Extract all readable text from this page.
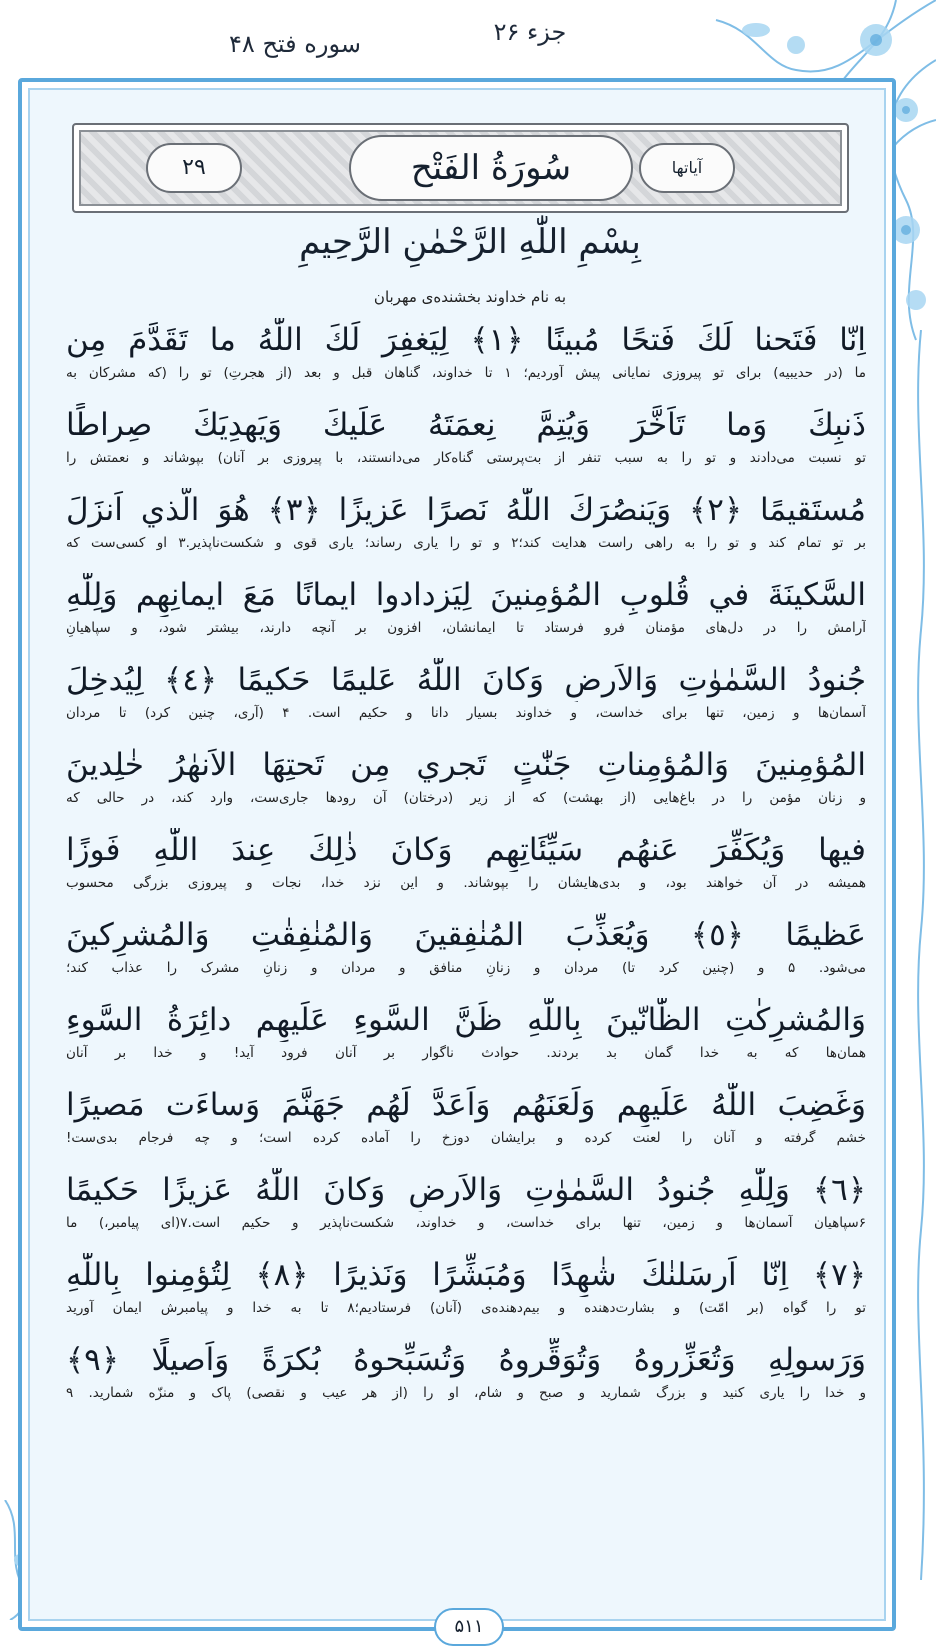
جزء ۲۶
سوره فتح ۴۸
۲۹	سُورَةُ الفَتْح	آیاتها
بِسْمِ اللّٰهِ الرَّحْمٰنِ الرَّحِيمِ
به نام خداوند بخشنده‌ی مهربان
اِنّا فَتَحنا لَكَ فَتحًا مُبينًا ﴿١﴾ لِيَغفِرَ لَكَ اللّٰهُ ما تَقَدَّمَ مِن
ما (در حدیبیه) برای تو پیروزی نمایانی پیش آوردیم؛ ۱ تا خداوند، گناهان قبل و بعد (از هجرتِ) تو را (که مشرکان به
ذَنبِكَ وَما تَاَخَّرَ وَيُتِمَّ نِعمَتَهُ عَلَيكَ وَيَهدِيَكَ صِراطًا
تو نسبت می‌دادند و تو را به سبب تنفر از بت‌پرستی گناه‌کار می‌دانستند، با پیروزی بر آنان) بپوشاند و نعمتش را
مُستَقيمًا ﴿٢﴾ وَيَنصُرَكَ اللّٰهُ نَصرًا عَزيزًا ﴿٣﴾ هُوَ الَّذي اَنزَلَ
بر تو تمام کند و تو را به راهی راست هدایت کند؛۲ و تو را یاری رساند؛ یاری قوی و شکست‌ناپذیر.۳ او کسی‌ست که
السَّكينَةَ في قُلوبِ المُؤمِنينَ لِيَزدادوا ايمانًا مَعَ ايمانِهِم وَلِلّٰهِ
آرامش را در دل‌های مؤمنان فرو فرستاد تا ایمانشان، افزون بر آنچه دارند، بیشتر شود، و سپاهیانِ
جُنودُ السَّمٰوٰتِ وَالاَرضِ وَكانَ اللّٰهُ عَليمًا حَكيمًا ﴿٤﴾ لِيُدخِلَ
آسمان‌ها و زمین، تنها برای خداست، و خداوند بسیار دانا و حکیم است. ۴ (آری، چنین کرد) تا مردان
المُؤمِنينَ وَالمُؤمِناتِ جَنّٰتٍ تَجري مِن تَحتِهَا الاَنهٰرُ خٰلِدينَ
و زنان مؤمن را در باغ‌هایی (از بهشت) که از زیر (درختان) آن رودها جاری‌ست، وارد کند، در حالی که
فيها وَيُكَفِّرَ عَنهُم سَيِّئَاتِهِم وَكانَ ذٰلِكَ عِندَ اللّٰهِ فَوزًا
همیشه در آن خواهند بود، و بدی‌هایشان را بپوشاند. و این نزد خدا، نجات و پیروزی بزرگی محسوب
عَظيمًا ﴿٥﴾ وَيُعَذِّبَ المُنٰفِقينَ وَالمُنٰفِقٰتِ وَالمُشرِكينَ
می‌شود. ۵ و (چنین کرد تا) مردان و زنانِ منافق و مردان و زنانِ مشرک را عذاب کند؛
وَالمُشرِكٰتِ الظّٰانّينَ بِاللّٰهِ ظَنَّ السَّوءِ عَلَيهِم دائِرَةُ السَّوءِ
همان‌ها که به خدا گمان بد بردند. حوادث ناگوار بر آنان فرود آید! و خدا بر آنان
وَغَضِبَ اللّٰهُ عَلَيهِم وَلَعَنَهُم وَاَعَدَّ لَهُم جَهَنَّمَ وَساءَت مَصيرًا
خشم گرفته و آنان را لعنت کرده و برایشان دوزخ را آماده کرده است؛ و چه فرجام بدی‌ست!
﴿٦﴾ وَلِلّٰهِ جُنودُ السَّمٰوٰتِ وَالاَرضِ وَكانَ اللّٰهُ عَزيزًا حَكيمًا
۶سپاهیان آسمان‌ها و زمین، تنها برای خداست، و خداوند، شکست‌ناپذیر و حکیم است.۷(ای پیامبر،) ما
﴿٧﴾ اِنّا اَرسَلنٰكَ شٰهِدًا وَمُبَشِّرًا وَنَذيرًا ﴿٨﴾ لِتُؤمِنوا بِاللّٰهِ
تو را گواه (بر امّت) و بشارت‌دهنده و بیم‌دهنده‌ی (آنان) فرستادیم؛۸ تا به خدا و پیامبرش ایمان آورید
وَرَسولِهِ وَتُعَزِّروهُ وَتُوَقِّروهُ وَتُسَبِّحوهُ بُكرَةً وَاَصيلًا ﴿٩﴾
و خدا را یاری کنید و بزرگ شمارید و صبح و شام، او را (از هر عیب و نقصی) پاک و منزّه شمارید. ۹
۵۱۱
